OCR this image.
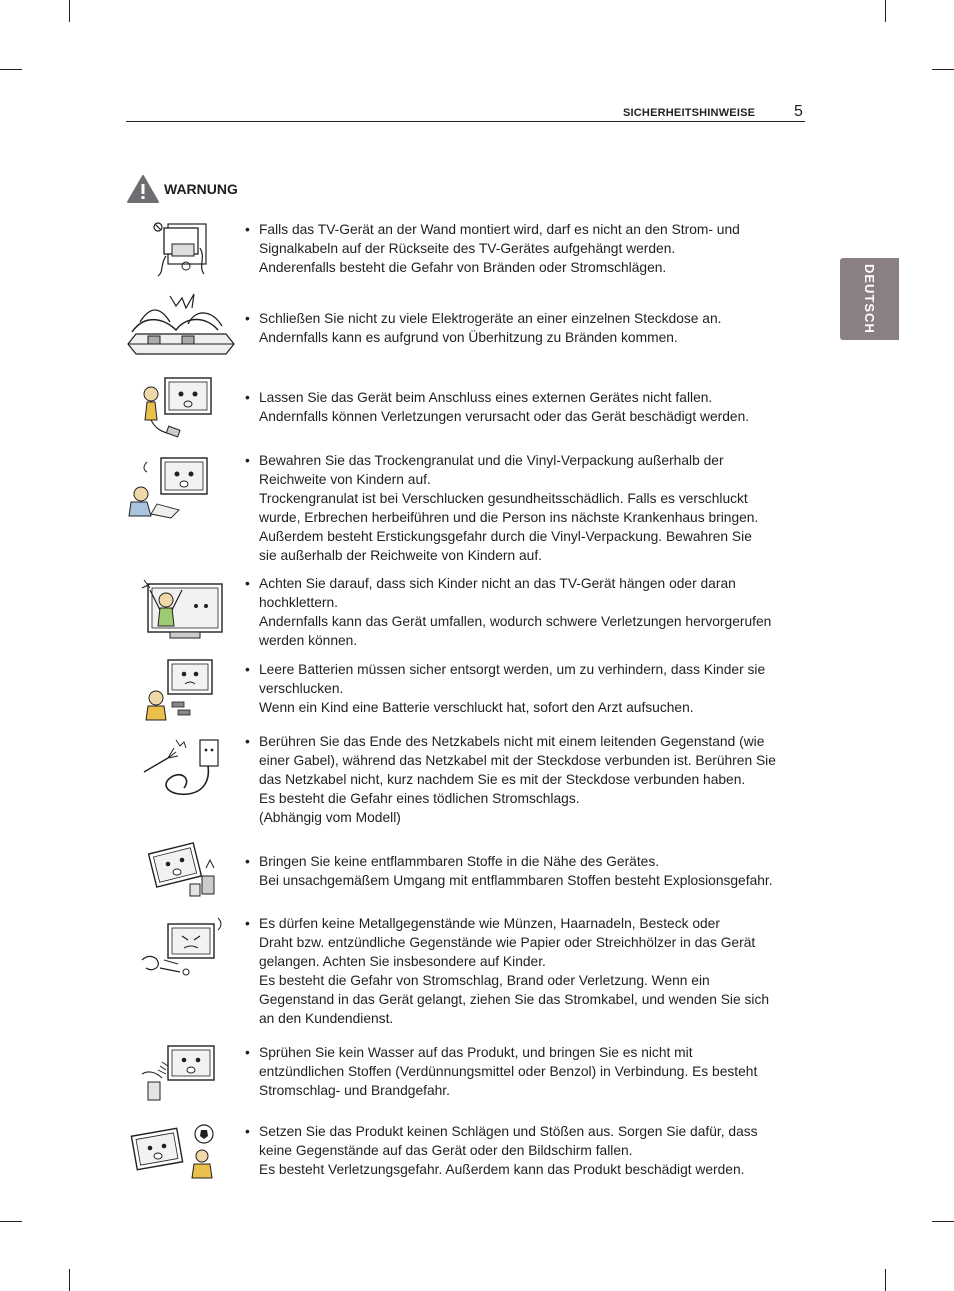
SICHERHEITSHINWEISE 5
DEUTSCH
WARNUNG
• Falls das TV-Gerät an der Wand montiert wird, darf es nicht an den Strom- und
Signalkabeln auf der Rückseite des TV-Gerätes aufgehängt werden.
Anderenfalls besteht die Gefahr von Bränden oder Stromschlägen.
• Schließen Sie nicht zu viele Elektrogeräte an einer einzelnen Steckdose an.
Andernfalls kann es aufgrund von Überhitzung zu Bränden kommen.
• Lassen Sie das Gerät beim Anschluss eines externen Gerätes nicht fallen.
Andernfalls können Verletzungen verursacht oder das Gerät beschädigt werden.
• Bewahren Sie das Trockengranulat und die Vinyl-Verpackung außerhalb der
Reichweite von Kindern auf.
Trockengranulat ist bei Verschlucken gesundheitsschädlich. Falls es verschluckt
wurde, Erbrechen herbeiführen und die Person ins nächste Krankenhaus bringen.
Außerdem besteht Erstickungsgefahr durch die Vinyl-Verpackung. Bewahren Sie
sie außerhalb der Reichweite von Kindern auf.
• Achten Sie darauf, dass sich Kinder nicht an das TV-Gerät hängen oder daran
hochklettern.
Andernfalls kann das Gerät umfallen, wodurch schwere Verletzungen hervorgerufen
werden können.
• Leere Batterien müssen sicher entsorgt werden, um zu verhindern, dass Kinder sie
verschlucken.
Wenn ein Kind eine Batterie verschluckt hat, sofort den Arzt aufsuchen.
• Berühren Sie das Ende des Netzkabels nicht mit einem leitenden Gegenstand (wie
einer Gabel), während das Netzkabel mit der Steckdose verbunden ist. Berühren Sie
das Netzkabel nicht, kurz nachdem Sie es mit der Steckdose verbunden haben.
Es besteht die Gefahr eines tödlichen Stromschlags.
(Abhängig vom Modell)
• Bringen Sie keine entflammbaren Stoffe in die Nähe des Gerätes.
Bei unsachgemäßem Umgang mit entflammbaren Stoffen besteht Explosionsgefahr.
• Es dürfen keine Metallgegenstände wie Münzen, Haarnadeln, Besteck oder
Draht bzw. entzündliche Gegenstände wie Papier oder Streichhölzer in das Gerät
gelangen. Achten Sie insbesondere auf Kinder.
Es besteht die Gefahr von Stromschlag, Brand oder Verletzung. Wenn ein
Gegenstand in das Gerät gelangt, ziehen Sie das Stromkabel, und wenden Sie sich
an den Kundendienst.
• Sprühen Sie kein Wasser auf das Produkt, und bringen Sie es nicht mit
entzündlichen Stoffen (Verdünnungsmittel oder Benzol) in Verbindung. Es besteht
Stromschlag- und Brandgefahr.
• Setzen Sie das Produkt keinen Schlägen und Stößen aus. Sorgen Sie dafür, dass
keine Gegenstände auf das Gerät oder den Bildschirm fallen.
Es besteht Verletzungsgefahr. Außerdem kann das Produkt beschädigt werden.
